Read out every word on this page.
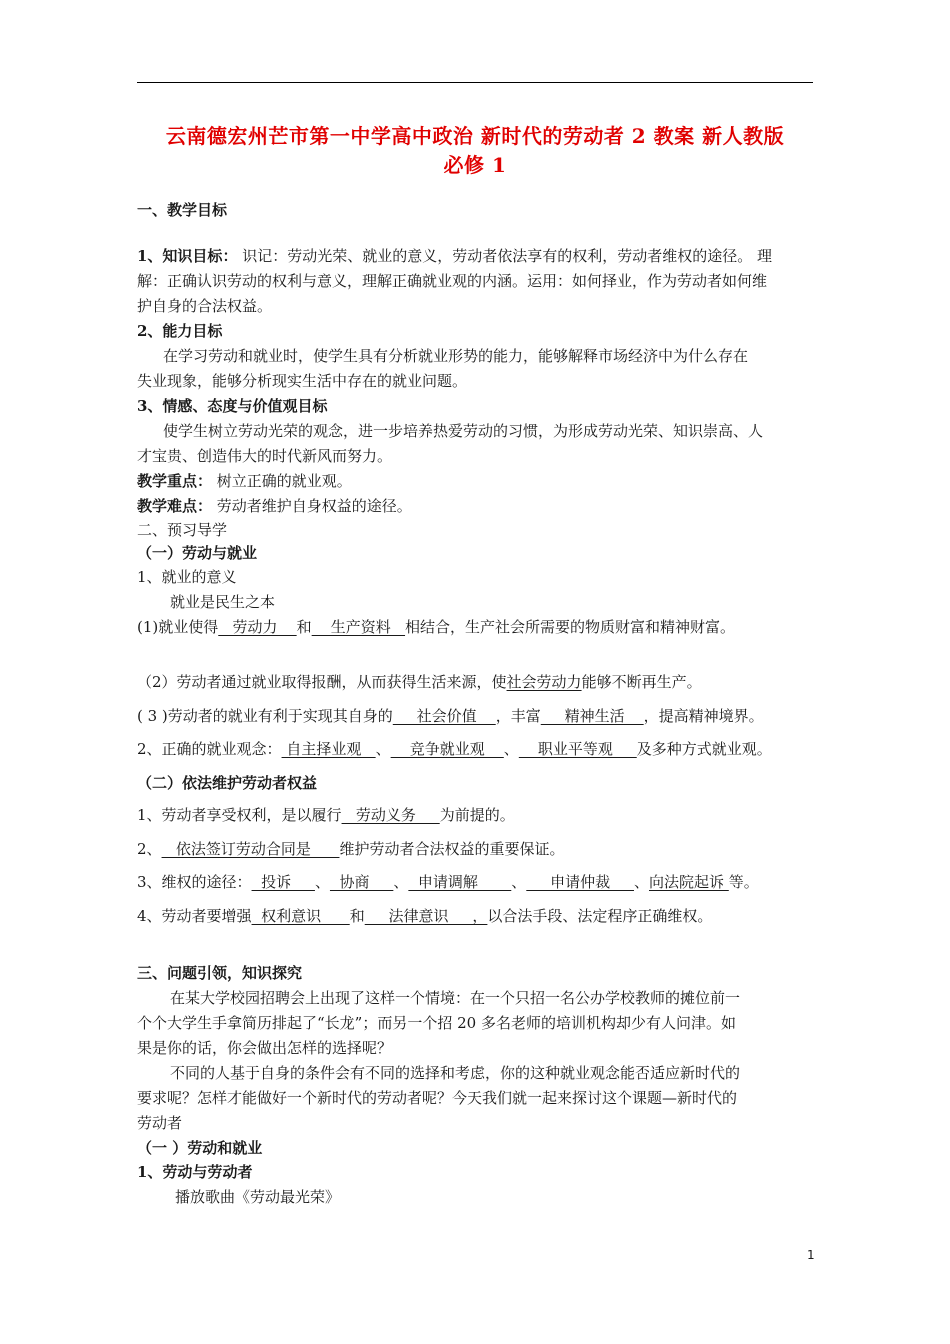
云南德宏州芒市第一中学高中政治 新时代的劳动者 2 教案 新人教版
必修 1
一、教学目标
1、知识目标： 识记：劳动光荣、就业的意义，劳动者依法享有的权利，劳动者维权的途径。 理
解：正确认识劳动的权利与意义，理解正确就业观的内涵。运用：如何择业，作为劳动者如何维
护自身的合法权益。
2、能力目标
在学习劳动和就业时，使学生具有分析就业形势的能力，能够解释市场经济中为什么存在
失业现象，能够分析现实生活中存在的就业问题。
3、情感、态度与价值观目标
使学生树立劳动光荣的观念，进一步培养热爱劳动的习惯，为形成劳动光荣、知识崇高、人
才宝贵、创造伟大的时代新风而努力。
教学重点： 树立正确的就业观。
教学难点： 劳动者维护自身权益的途径。
二、预习导学
（一）劳动与就业
1、就业的意义
就业是民生之本
(1)就业使得   劳动力    和    生产资料   相结合，生产社会所需要的物质财富和精神财富。
（2）劳动者通过就业取得报酬，从而获得生活来源，使社会劳动力能够不断再生产。
( 3 )劳动者的就业有利于实现其自身的     社会价值    ，丰富     精神生活    ，提高精神境界。
2、正确的就业观念： 自主择业观   、    竞争就业观    、    职业平等观     及多种方式就业观。
（二）依法维护劳动者权益
1、劳动者享受权利，是以履行   劳动义务     为前提的。
2、   依法签订劳动合同是      维护劳动者合法权益的重要保证。
3、维权的途径：  投诉     、  协商     、  申请调解       、     申请仲裁     、向法院起诉 等。
4、劳动者要增强  权利意识      和     法律意识     ，以合法手段、法定程序正确维权。
三、问题引领，知识探究
在某大学校园招聘会上出现了这样一个情境：在一个只招一名公办学校教师的摊位前一
个个大学生手拿简历排起了“长龙”；而另一个招 20 多名老师的培训机构却少有人问津。如
果是你的话，你会做出怎样的选择呢？
不同的人基于自身的条件会有不同的选择和考虑，你的这种就业观念能否适应新时代的
要求呢？怎样才能做好一个新时代的劳动者呢？今天我们就一起来探讨这个课题—新时代的
劳动者
（一 ）劳动和就业
1、劳动与劳动者
播放歌曲《劳动最光荣》
1
